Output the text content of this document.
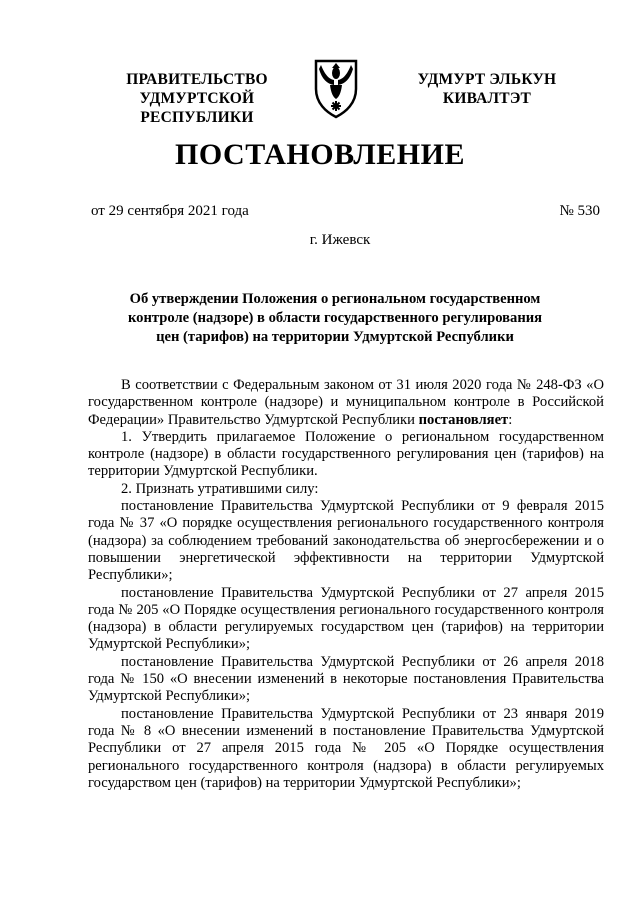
ПРАВИТЕЛЬСТВО
УДМУРТСКОЙ РЕСПУБЛИКИ
УДМУРТ ЭЛЬКУН
КИВАЛТЭТ
ПОСТАНОВЛЕНИЕ
от 29 сентября 2021 года	№ 530
г. Ижевск
Об утверждении Положения о региональном государственном
контроле (надзоре) в области государственного регулирования
цен (тарифов) на территории Удмуртской Республики

В соответствии с Федеральным законом от 31 июля 2020 года № 248-ФЗ «О государственном контроле (надзоре) и муниципальном контроле в Российской Федерации» Правительство Удмуртской Республики постановляет:

1. Утвердить прилагаемое Положение о региональном государственном контроле (надзоре) в области государственного регулирования цен (тарифов) на территории Удмуртской Республики.

2. Признать утратившими силу:

постановление Правительства Удмуртской Республики от 9 февраля 2015 года № 37 «О порядке осуществления регионального государственного контроля (надзора) за соблюдением требований законодательства об энергосбережении и о повышении энергетической эффективности на территории Удмуртской Республики»;

постановление Правительства Удмуртской Республики от 27 апреля 2015 года № 205 «О Порядке осуществления регионального государственного контроля (надзора) в области регулируемых государством цен (тарифов) на территории Удмуртской Республики»;

постановление Правительства Удмуртской Республики от 26 апреля 2018 года № 150 «О внесении изменений в некоторые постановления Правительства Удмуртской Республики»;

постановление Правительства Удмуртской Республики от 23 января 2019 года № 8 «О внесении изменений в постановление Правительства Удмуртской Республики от 27 апреля 2015 года № 205 «О Порядке осуществления регионального государственного контроля (надзора) в области регулируемых государством цен (тарифов) на территории Удмуртской Республики»;
